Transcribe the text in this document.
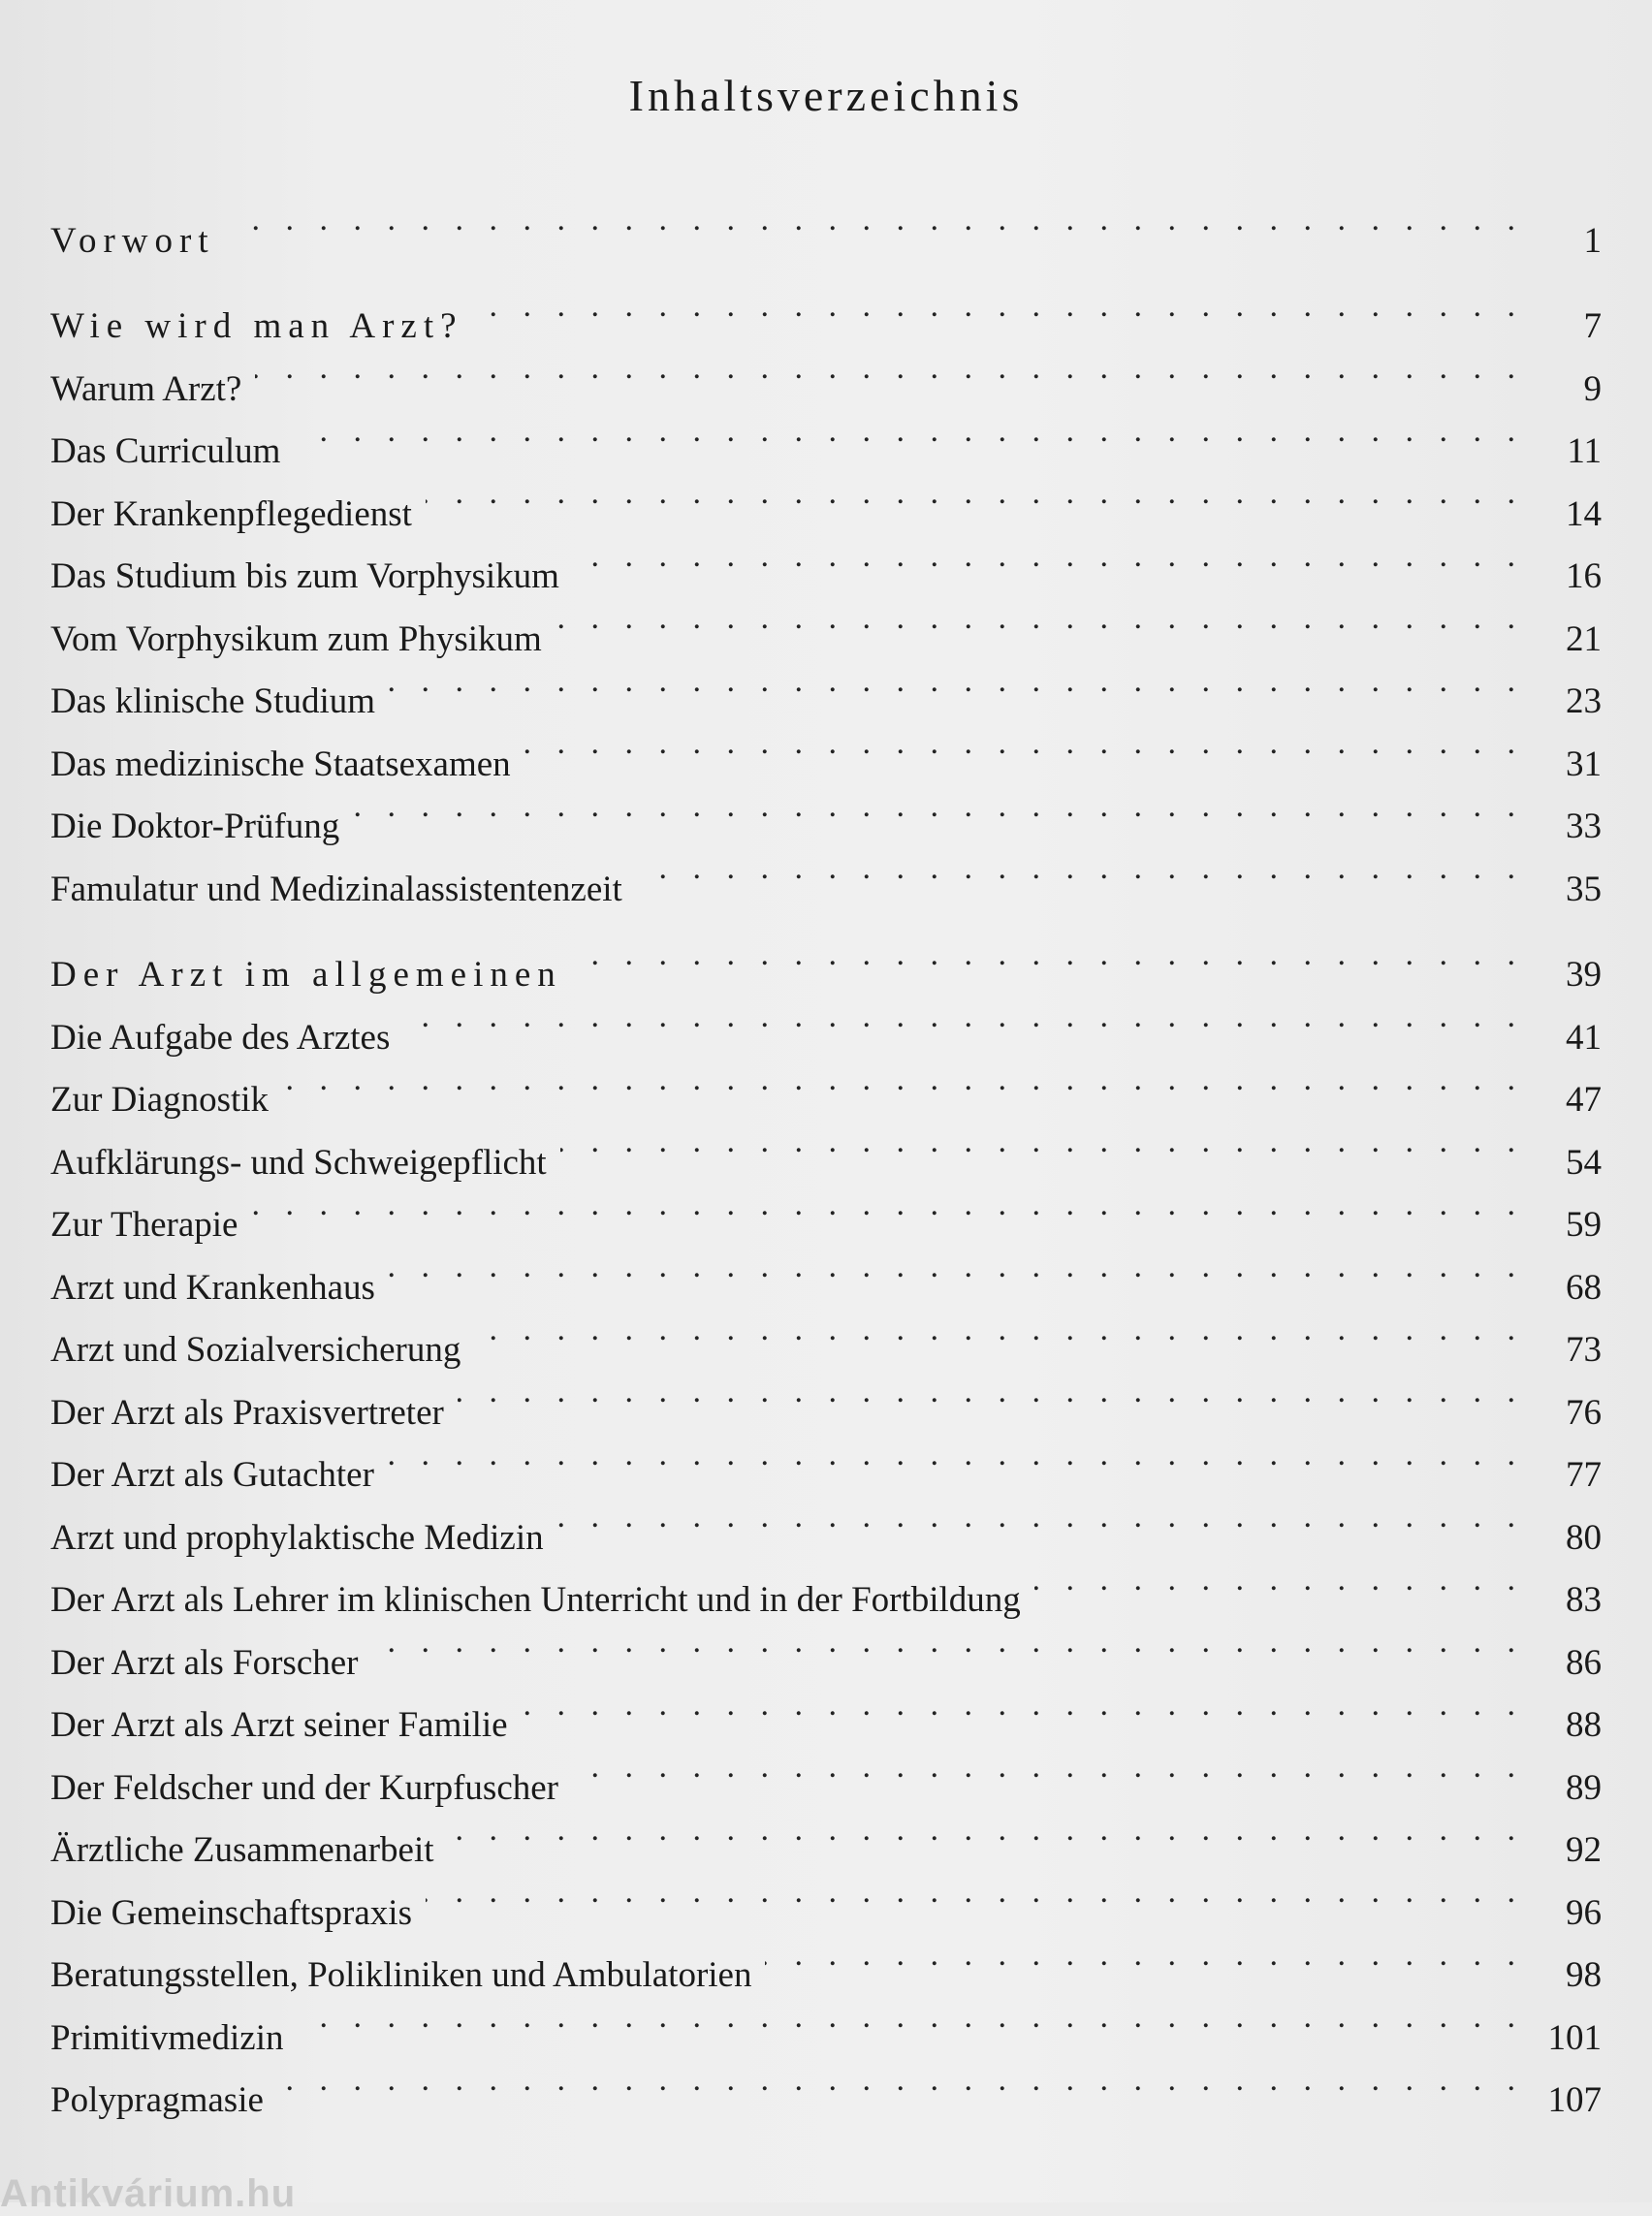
Inhaltsverzeichnis
Vorwort . . .	1
Wie wird man Arzt? . . .	7
Warum Arzt? . . .	9
Das Curriculum . . .	11
Der Krankenpflegedienst . . .	14
Das Studium bis zum Vorphysikum . . .	16
Vom Vorphysikum zum Physikum . . .	21
Das klinische Studium . . .	23
Das medizinische Staatsexamen . . .	31
Die Doktor-Prüfung . . .	33
Famulatur und Medizinalassistentenzeit . . .	35
Der Arzt im allgemeinen . . .	39
Die Aufgabe des Arztes . . .	41
Zur Diagnostik . . .	47
Aufklärungs- und Schweigepflicht . . .	54
Zur Therapie . . .	59
Arzt und Krankenhaus . . .	68
Arzt und Sozialversicherung . . .	73
Der Arzt als Praxisvertreter . . .	76
Der Arzt als Gutachter . . .	77
Arzt und prophylaktische Medizin . . .	80
Der Arzt als Lehrer im klinischen Unterricht und in der Fortbildung . . .	83
Der Arzt als Forscher . . .	86
Der Arzt als Arzt seiner Familie . . .	88
Der Feldscher und der Kurpfuscher . . .	89
Ärztliche Zusammenarbeit . . .	92
Die Gemeinschaftspraxis . . .	96
Beratungsstellen, Polikliniken und Ambulatorien . . .	98
Primitivmedizin . . .	101
Polypragmasie . . .	107
Antikvárium.hu
